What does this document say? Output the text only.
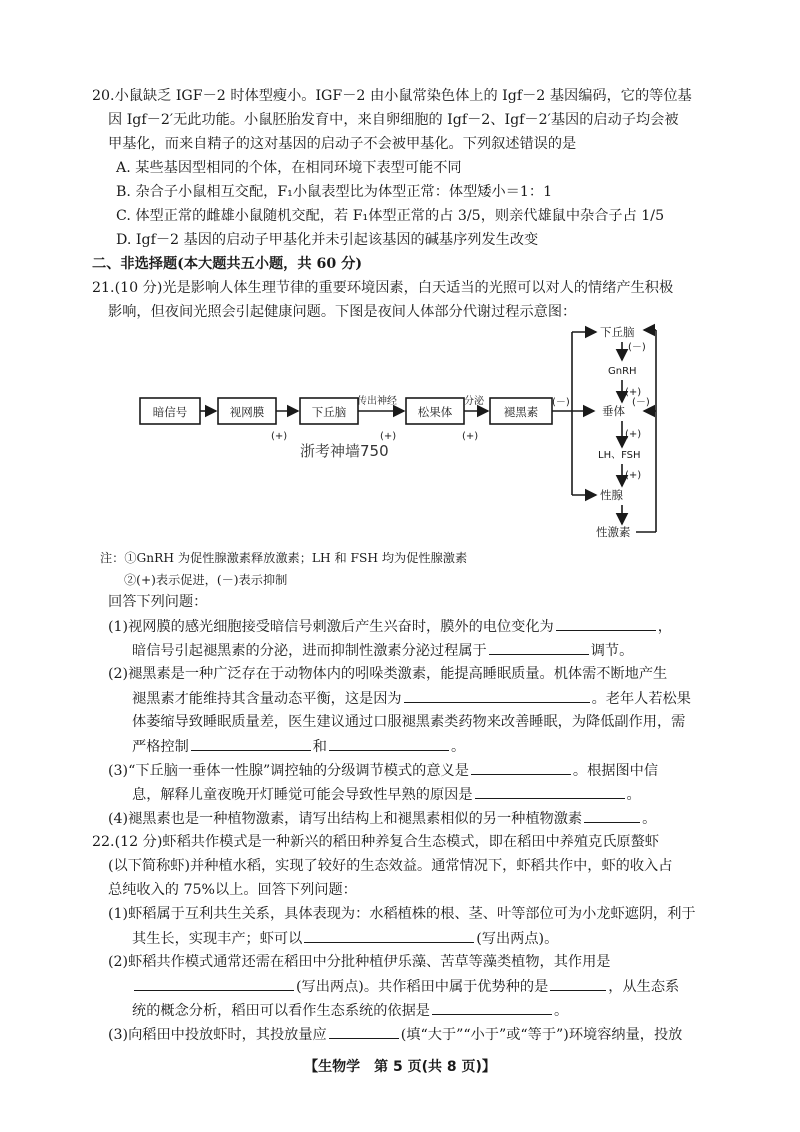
20.小鼠缺乏 IGF－2 时体型瘦小。IGF－2 由小鼠常染色体上的 Igf－2 基因编码，它的等位基
因 Igf－2′无此功能。小鼠胚胎发育中，来自卵细胞的 Igf－2、Igf－2′基因的启动子均会被
甲基化，而来自精子的这对基因的启动子不会被甲基化。下列叙述错误的是
A. 某些基因型相同的个体，在相同环境下表型可能不同
B. 杂合子小鼠相互交配，F₁小鼠表型比为体型正常：体型矮小＝1：1
C. 体型正常的雌雄小鼠随机交配，若 F₁体型正常的占 3/5，则亲代雄鼠中杂合子占 1/5
D. Igf－2 基因的启动子甲基化并未引起该基因的碱基序列发生改变
二、非选择题(本大题共五小题，共 60 分)
21.(10 分)光是影响人体生理节律的重要环境因素，白天适当的光照可以对人的情绪产生积极
影响，但夜间光照会引起健康问题。下图是夜间人体部分代谢过程示意图：
暗信号	视网膜	下丘脑	松果体	褪黑素
(+)
传出神经
(+)
分泌
(+)
(－)
下丘脑
GnRH
(+)
垂体
(+)
LH、FSH
(+)
性腺
性激素
(－)
(－)
浙考神墙750
注：①GnRH 为促性腺激素释放激素；LH 和 FSH 均为促性腺激素
②(+)表示促进，(－)表示抑制
回答下列问题：
(1)视网膜的感光细胞接受暗信号刺激后产生兴奋时，膜外的电位变化为	，
暗信号引起褪黑素的分泌，进而抑制性激素分泌过程属于	调节。
(2)褪黑素是一种广泛存在于动物体内的吲哚类激素，能提高睡眠质量。机体需不断地产生
褪黑素才能维持其含量动态平衡，这是因为	。老年人若松果
体萎缩导致睡眠质量差，医生建议通过口服褪黑素类药物来改善睡眠，为降低副作用，需
严格控制	和	。
(3)“下丘脑一垂体一性腺”调控轴的分级调节模式的意义是	。根据图中信
息，解释儿童夜晚开灯睡觉可能会导致性早熟的原因是	。
(4)褪黑素也是一种植物激素，请写出结构上和褪黑素相似的另一种植物激素	。
22.(12 分)虾稻共作模式是一种新兴的稻田种养复合生态模式，即在稻田中养殖克氏原螯虾
(以下简称虾)并种植水稻，实现了较好的生态效益。通常情况下，虾稻共作中，虾的收入占
总纯收入的 75%以上。回答下列问题：
(1)虾稻属于互利共生关系，具体表现为：水稻植株的根、茎、叶等部位可为小龙虾遮阴，利于
其生长，实现丰产；虾可以	(写出两点)。
(2)虾稻共作模式通常还需在稻田中分批种植伊乐藻、苦草等藻类植物，其作用是
(写出两点)。共作稻田中属于优势种的是	，从生态系
统的概念分析，稻田可以看作生态系统的依据是	。
(3)向稻田中投放虾时，其投放量应	(填“大于”“小于”或“等于”)环境容纳量，投放
【生物学　第 5 页(共 8 页)】
